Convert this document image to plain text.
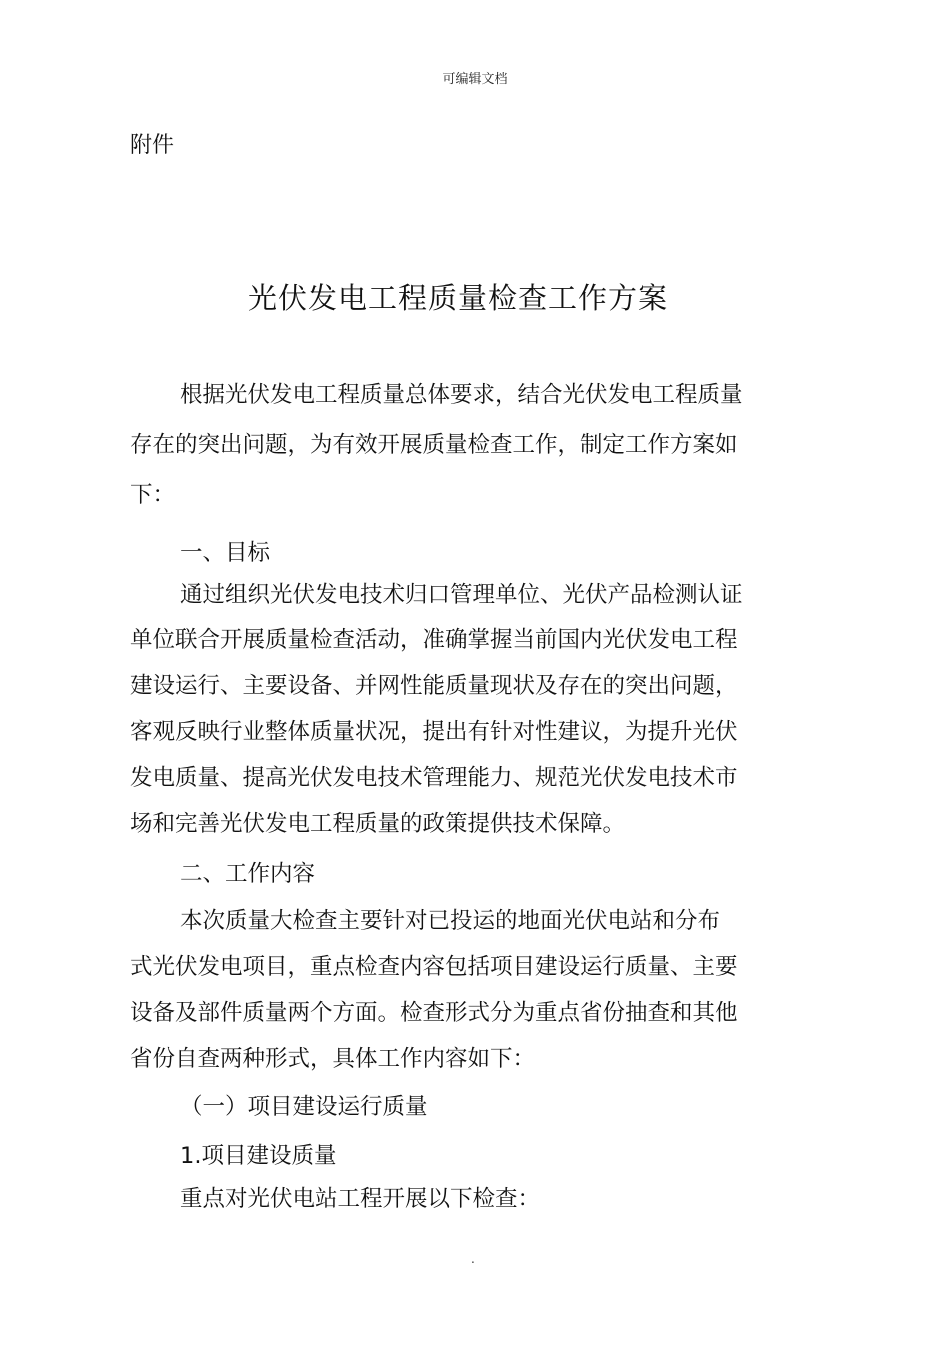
可编辑文档
附件
光伏发电工程质量检查工作方案
根据光伏发电工程质量总体要求，结合光伏发电工程质量
存在的突出问题，为有效开展质量检查工作，制定工作方案如
下：
一、目标
通过组织光伏发电技术归口管理单位、光伏产品检测认证
单位联合开展质量检查活动，准确掌握当前国内光伏发电工程
建设运行、主要设备、并网性能质量现状及存在的突出问题，
客观反映行业整体质量状况，提出有针对性建议，为提升光伏
发电质量、提高光伏发电技术管理能力、规范光伏发电技术市
场和完善光伏发电工程质量的政策提供技术保障。
二、工作内容
本次质量大检查主要针对已投运的地面光伏电站和分布
式光伏发电项目，重点检查内容包括项目建设运行质量、主要
设备及部件质量两个方面。检查形式分为重点省份抽查和其他
省份自查两种形式，具体工作内容如下：
（一）项目建设运行质量
1.项目建设质量
重点对光伏电站工程开展以下检查：
.
